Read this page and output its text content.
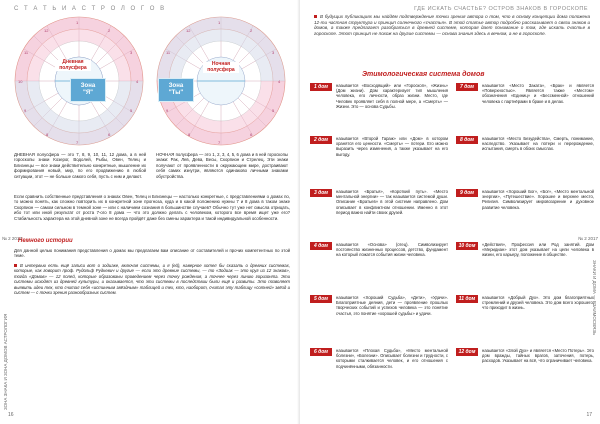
С Т А Т Ь И А С Т Р О Л О Г О В
1
2
3
4
5
6
7
8
9
10
11
12
Зона
"Я"
Дневная
полусфера
1
2
3
4
5
6
7
8
9
11
12
Зона
"Ты"
Ночная
полусфера
ДНЕВНАЯ полусфера — это 7, 8, 9, 10, 11, 12 дома, а в ней гороскопы знаки Козерог, Водолей, Рыбы, Овен, Телец и Близнецы — все знаки действительно конкретные, мышление их формирования новый, мир, по его продвижению в любой ситуации, этот — не больше самого себя, пусть с ним и делают.
НОЧНАЯ полусфера — это 1, 2, 3, 4, 5, 6 дома и в ней гороскопы знаки: Рак, Лев, Дева, Весы, Скорпион и Стрелец. Эти знаки получают от проявленности в окружающем мире, достраивают себя самих изнутри, являются одинаково личными знаками обустройства.
Если сравнить собственные представления о знаках Овен, Телец и Близнецы — настолько конкретные, с представлениями о домах по, то можно понять, как сложно повторить их в конкретной зоне прогноза, куда и в какой положению нужны 7 и 8 дома в таком знаке Скорпион — самом сильном в темной зоне — или с наличием сознания в большинстве случаев? Обычно тут уже нет смысла отрицать, ибо тот или иной результат от роста 7-ого 8 дома — что это должно делать с человеком, которого все время ищет уже его? Стабильность характера на этой дневной зоне не всегда пройдёт даже без смены характера и такой индивидуальной особенности.
Немного истории
Для данной целью понимания представления о домах мы предлагаем вам описание от составителей и прочих компетентных по этой теме.
В интервью есть ещё записи вот о зодиаке, включая системы, и я (ей), наверное хотел бы сказать о древних системах, которые, как говорит проф. Рудольф Рудкевич и другие — если это древние системы, — то «Зодиак — это круг из 12 знаков», тогда «Домов» — 12 полей, которые образованы проведением через точку рождения, а точнее через линию горизонта. Эти системы исходят из древней культуры, и оказывается, что эти системы в последствии были ещё и развиты. Это позволяет выявить идеи тех, кто считал себя «истинным звёздным» таблицей и тех, кто, наоборот, считал эту таблицу «сотней» звёзд и систем — с точки зрения разнообразных систем.
ЗОНА ЗНАКА И ЗОНА ДОМОВ АСТРОЛОГИЯ
№ 2 2017
16
ГДЕ ИСКАТЬ СЧАСТЬЕ? ОСТРОВ ЗНАКОВ В ГОРОСКОПЕ
В будущих публикациях мы найдём подтверждение точки зрения автора о том, что в основу концепции дома положена 12-ти частная структура и принцип солнечного «счастья». В этой статье автор подробно рассказывает о связи знаков и домов, а также предлагает разобраться в древней системе, которая дает понимание о том, где искать счастье в гороскопе. Этот принцип не похож на другие системы — основа знания здесь в вечном, а не в гороскопе.
Этимологическая система домов
1 дом	называется «Восходящий» или «Гороскоп», «Жизнь» (Дом жизни). Дом характеризует тип мышления человека, его личности, образ жизни. Место, где Человек проявляет себя в полной мере, а «Смерть» — Жизни. Это — основа Судьбы.
2 дом	называется «Второй Гараж» или «Дом» в котором хранятся его ценности. «Смерть» — потери. Его можно выразить через изменения, а также указывает на его выгоду.
3 дом	называется «Братья», «Короткий путь». «Место ментальной энергии» — так называется системой души. Описание «Братьев» в этой системе направлено. Дом описывает в конфликтном отношении. Именно в этот период важно найти своих друзей.
4 дом	называется «Основа» (отец). Символизирует постоянство жизненных процессов, детство, фундамент на который ложатся события жизни человека.
5 дом	называется «Хороший Судьба», «Дети», «Удачи». Благоприятные деяния, дети — проявление прошлых творческих событий и успехов человека — это понятие счастья, это понятие «хорошей судьбы» и удачи.
6 дом	называется «Плохая Судьба», «Место ментальной болезни», «Болезни». Описывает болезни и трудности, с которыми сталкивается человек, и его отношения с подчинёнными, обязанности.
7 дом	называется «Место Заката», «Брак» и является «Поверхностью». Является также «Местом» обозначения «Единиц» и «Бессменной» отношений человека с партнёрами в браке и в делах.
8 дом	называется «Место Безудейства», Смерть, понимание, наследство. Указывает на потери и перерождение, испытания, смерть в обоих смыслах.
9 дом	называется «Хороший Бог», «Бог», «Место ментальной энергии», «Путешествие». Хорошее и верхнее место, Религия. Символизирует мировоззрение и духовное развитие человека.
10 дом	«Действия», Профессия или Род занятий. Дом «Меридиан» этот дом указывает на цели человека в жизни, его карьеру, положение в обществе.
11 дом	называется «Добрый Дух». Это дом благоприятных стремлений и друзей человека. Это дом всего хорошего, что приходит в жизнь.
12 дом	называется «Злой Дух» и является «Место Потерь». Это дом вражды, тайных врагов, заточения, потерь, расходов. Указывает на всё, что ограничивает человека.
ЗНАКИ И ДОМА — ВЗАИМОСВЯЗЬ
№ 2 2017
17
